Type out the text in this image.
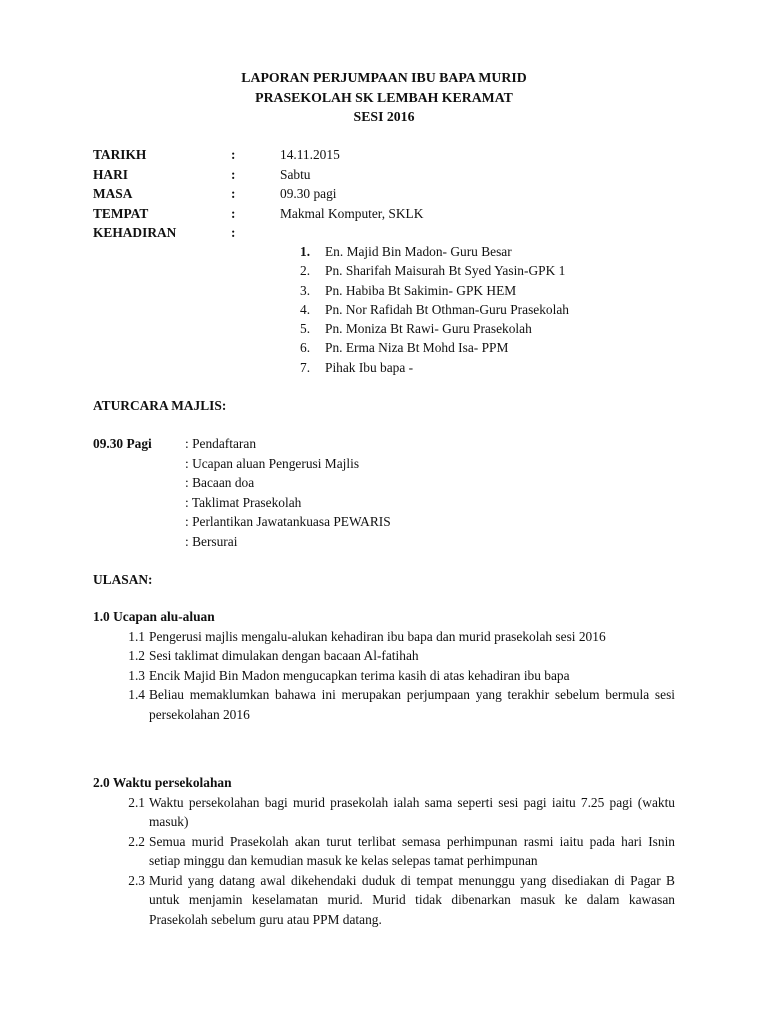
LAPORAN PERJUMPAAN IBU BAPA MURID
PRASEKOLAH SK LEMBAH KERAMAT
SESI 2016
TARIKH	:	14.11.2015
HARI	:	Sabtu
MASA	:	09.30 pagi
TEMPAT	:	Makmal Komputer, SKLK
KEHADIRAN	:
1.	En. Majid Bin Madon- Guru Besar
2.	Pn. Sharifah Maisurah Bt Syed Yasin-GPK 1
3.	Pn. Habiba Bt Sakimin- GPK HEM
4.	Pn. Nor Rafidah Bt Othman-Guru Prasekolah
5.	Pn. Moniza Bt Rawi- Guru Prasekolah
6.	Pn. Erma Niza Bt Mohd Isa- PPM
7.	Pihak Ibu bapa -
ATURCARA MAJLIS:
09.30 Pagi	: Pendaftaran
: Ucapan aluan Pengerusi Majlis
: Bacaan doa
: Taklimat Prasekolah
: Perlantikan Jawatankuasa PEWARIS
: Bersurai
ULASAN:
1.0 Ucapan alu-aluan
1.1 Pengerusi majlis mengalu-alukan kehadiran ibu bapa dan murid prasekolah sesi 2016
1.2 Sesi taklimat dimulakan dengan bacaan Al-fatihah
1.3 Encik Majid Bin Madon mengucapkan terima kasih di atas kehadiran ibu bapa
1.4 Beliau memaklumkan bahawa ini merupakan perjumpaan yang terakhir sebelum bermula sesi persekolahan 2016
2.0 Waktu persekolahan
2.1 Waktu persekolahan bagi murid prasekolah ialah sama seperti sesi pagi iaitu 7.25 pagi (waktu masuk)
2.2 Semua murid Prasekolah akan turut terlibat semasa perhimpunan rasmi iaitu pada hari Isnin setiap minggu dan kemudian masuk ke kelas selepas tamat perhimpunan
2.3 Murid yang datang awal dikehendaki duduk di tempat menunggu yang disediakan di Pagar B untuk menjamin keselamatan murid. Murid tidak dibenarkan masuk ke dalam kawasan Prasekolah sebelum guru atau PPM datang.
